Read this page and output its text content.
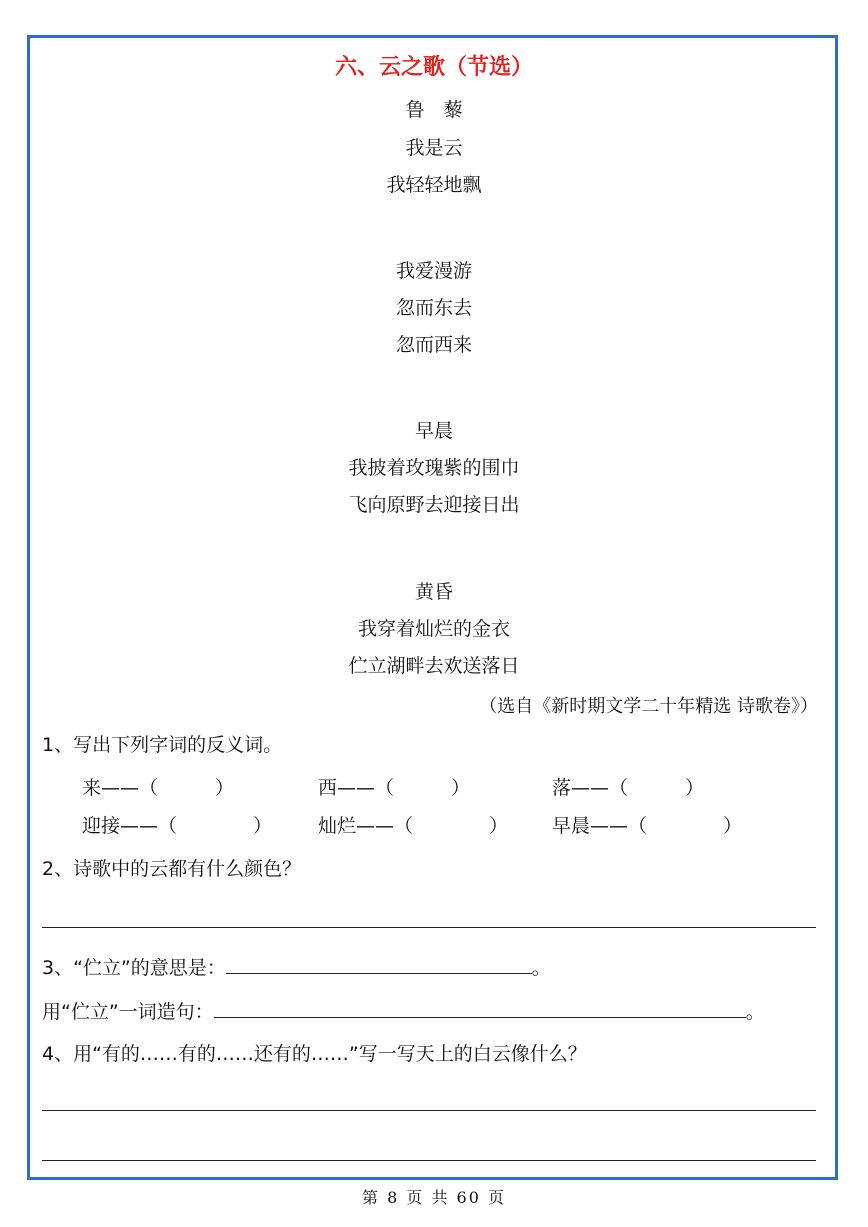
六、云之歌（节选）
鲁　藜
我是云
我轻轻地飘
我爱漫游
忽而东去
忽而西来
早晨
我披着玫瑰紫的围巾
飞向原野去迎接日出
黄昏
我穿着灿烂的金衣
伫立湖畔去欢送落日
（选自《新时期文学二十年精选 诗歌卷》）
1、写出下列字词的反义词。
来——（　　　）	西——（　　　）	落——（　　　）
迎接——（　　　　） 灿烂——（　　　　） 早晨——（　　　　）
2、诗歌中的云都有什么颜色？
3、“伫立”的意思是：	。
用“伫立”一词造句：	。
4、用“有的……有的……还有的……”写一写天上的白云像什么？
第 8 页 共 60 页
